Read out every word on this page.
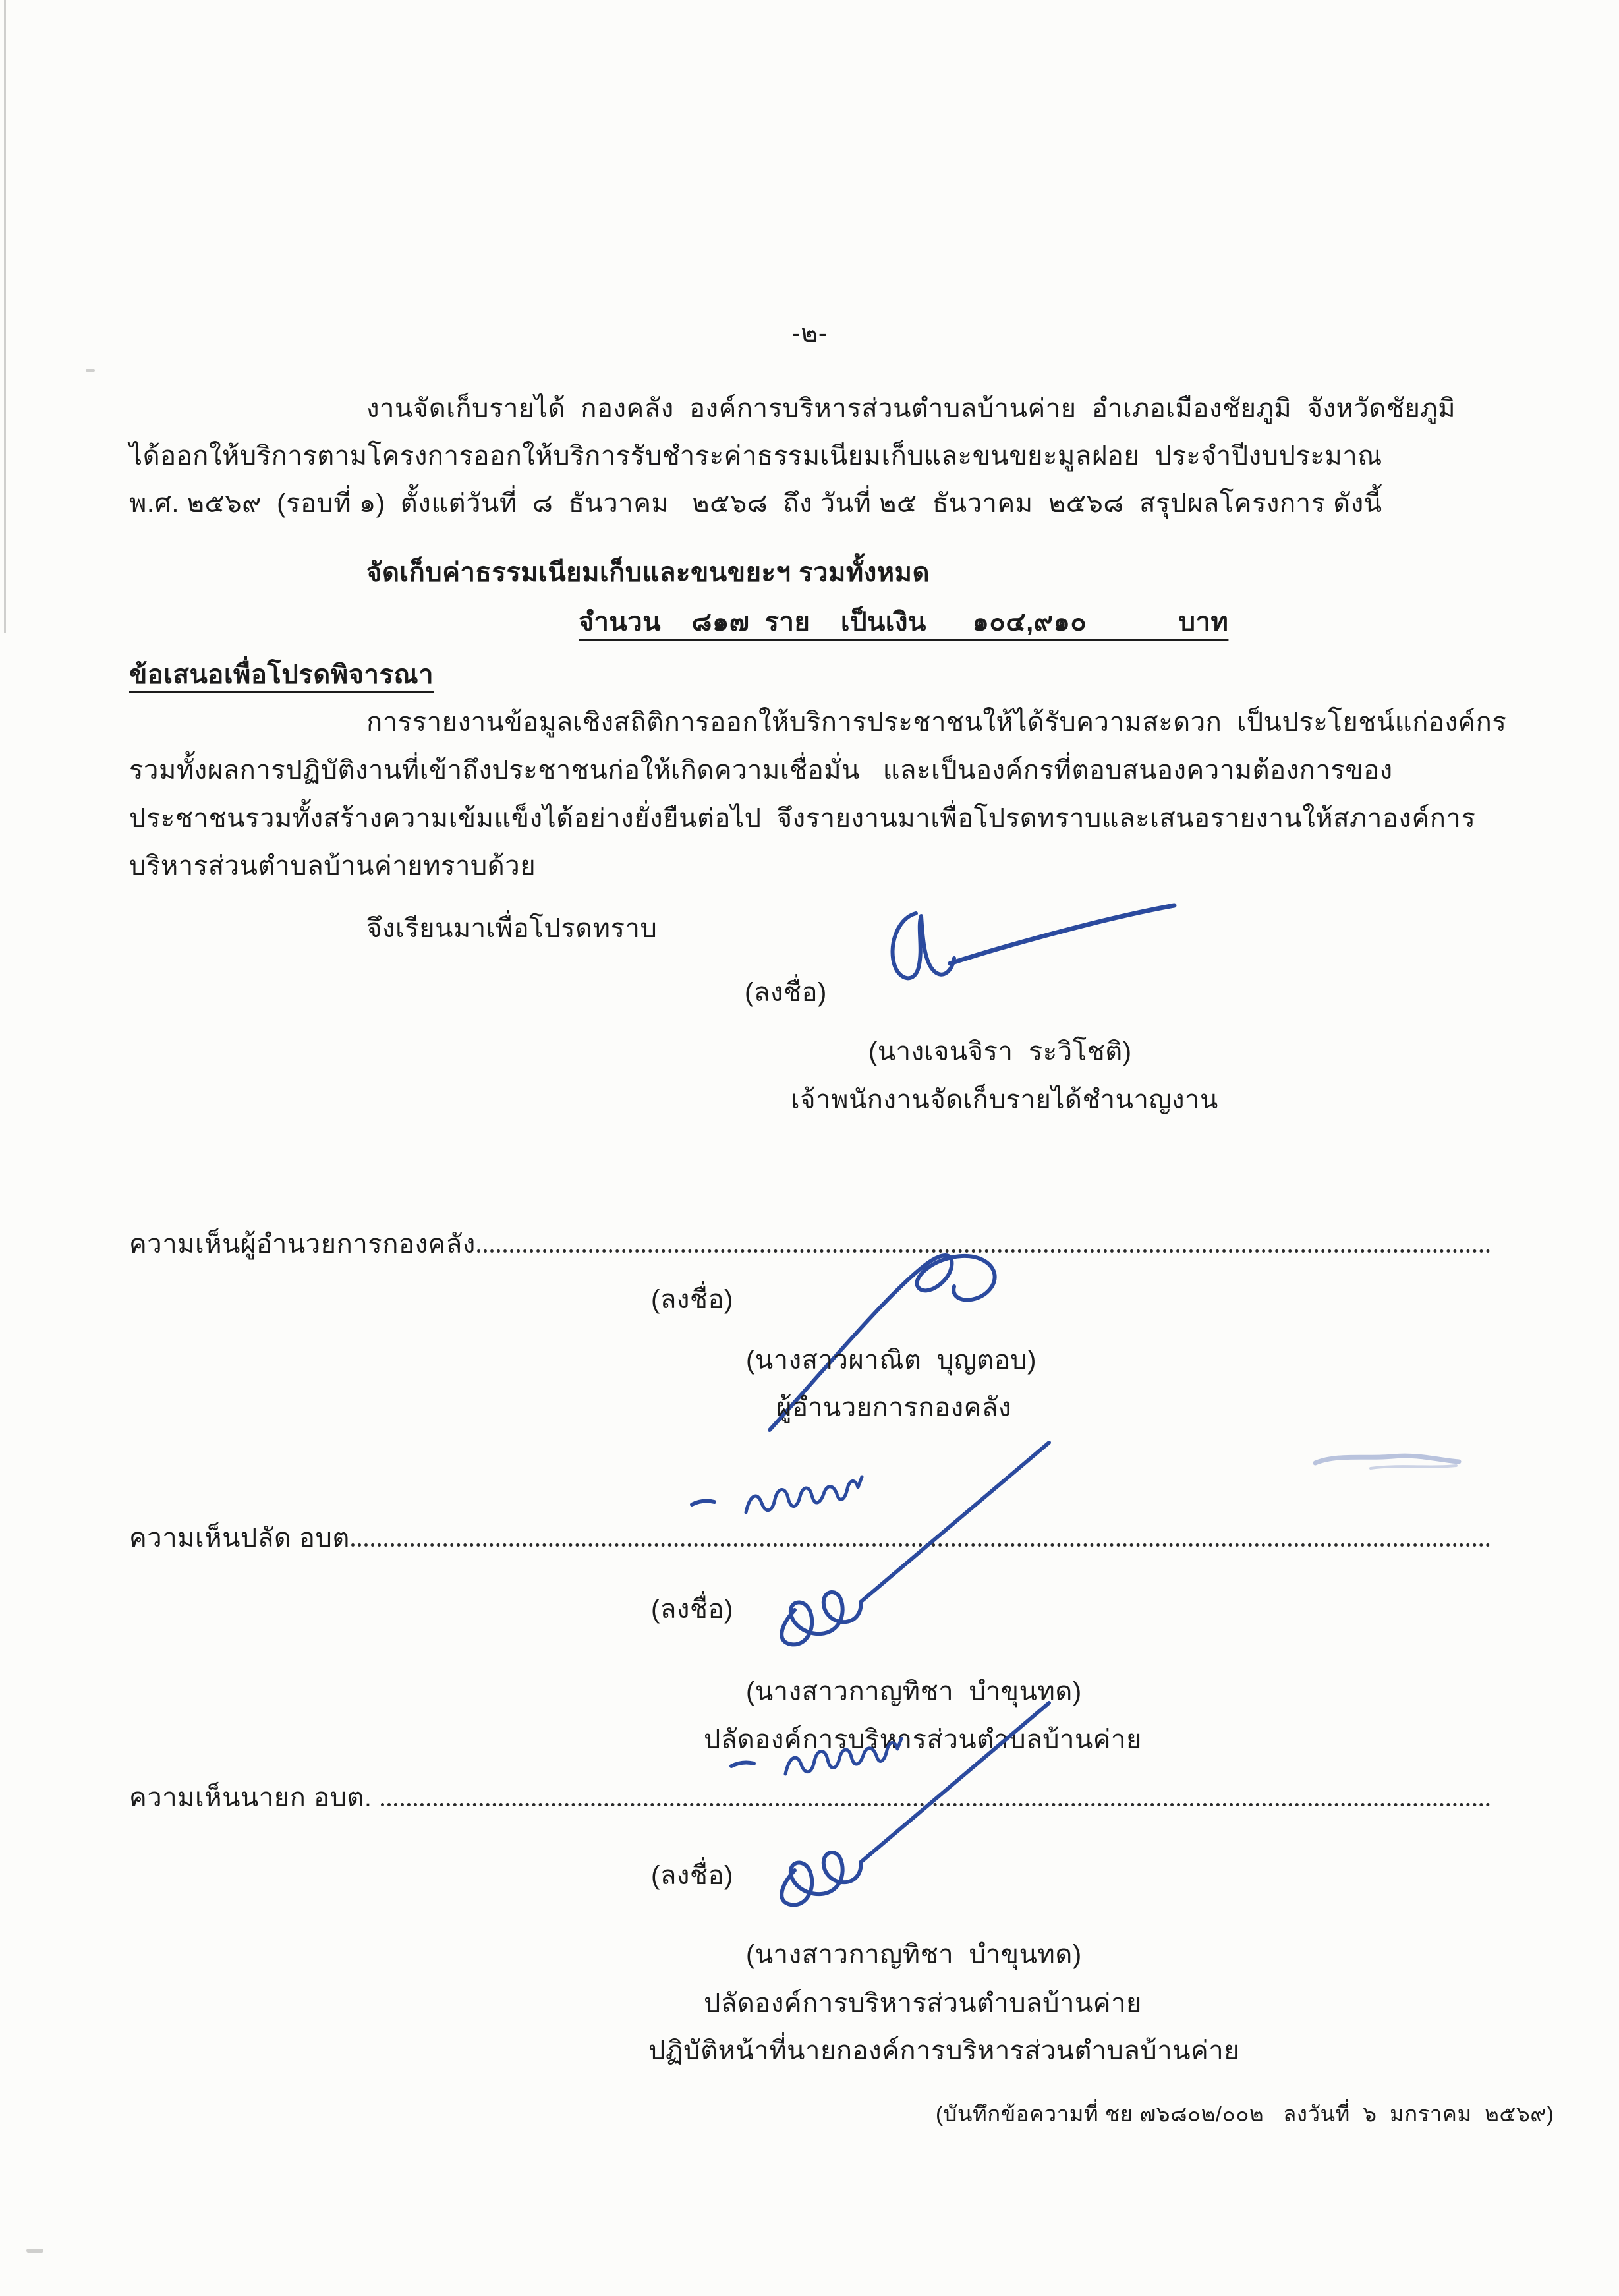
-๒-
งานจัดเก็บรายได้  กองคลัง  องค์การบริหารส่วนตำบลบ้านค่าย  อำเภอเมืองชัยภูมิ  จังหวัดชัยภูมิ
ได้ออกให้บริการตามโครงการออกให้บริการรับชำระค่าธรรมเนียมเก็บและขนขยะมูลฝอย  ประจำปีงบประมาณ
พ.ศ. ๒๕๖๙  (รอบที่ ๑)  ตั้งแต่วันที่  ๘  ธันวาคม   ๒๕๖๘  ถึง วันที่ ๒๕  ธันวาคม  ๒๕๖๘  สรุปผลโครงการ ดังนี้
จัดเก็บค่าธรรมเนียมเก็บและขนขยะฯ รวมทั้งหมด
จำนวน    ๘๑๗  ราย    เป็นเงิน      ๑๐๔,๙๑๐            บาท
ข้อเสนอเพื่อโปรดพิจารณา
การรายงานข้อมูลเชิงสถิติการออกให้บริการประชาชนให้ได้รับความสะดวก  เป็นประโยชน์แก่องค์กร
รวมทั้งผลการปฏิบัติงานที่เข้าถึงประชาชนก่อให้เกิดความเชื่อมั่น   และเป็นองค์กรที่ตอบสนองความต้องการของ
ประชาชนรวมทั้งสร้างความเข้มแข็งได้อย่างยั่งยืนต่อไป  จึงรายงานมาเพื่อโปรดทราบและเสนอรายงานให้สภาองค์การ
บริหารส่วนตำบลบ้านค่ายทราบด้วย
จึงเรียนมาเพื่อโปรดทราบ
(ลงชื่อ)
(นางเจนจิรา  ระวิโชติ)
เจ้าพนักงานจัดเก็บรายได้ชำนาญงาน
ความเห็นผู้อำนวยการกองคลัง
(ลงชื่อ)
(นางสาวผาณิต  บุญตอบ)
ผู้อำนวยการกองคลัง
ความเห็นปลัด อบต
(ลงชื่อ)
(นางสาวกาญทิชา  บำขุนทด)
ปลัดองค์การบริหารส่วนตำบลบ้านค่าย
ความเห็นนายก อบต.
(ลงชื่อ)
(นางสาวกาญทิชา  บำขุนทด)
ปลัดองค์การบริหารส่วนตำบลบ้านค่าย
ปฏิบัติหน้าที่นายกองค์การบริหารส่วนตำบลบ้านค่าย
(บันทึกข้อความที่ ชย ๗๖๘๐๒/๐๐๒   ลงวันที่  ๖  มกราคม  ๒๕๖๙)
